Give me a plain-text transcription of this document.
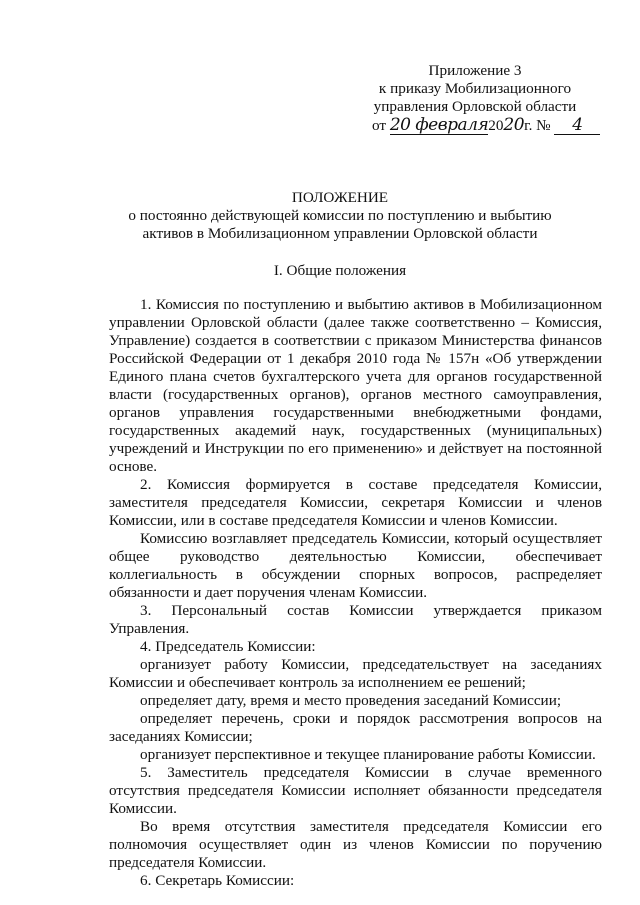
Приложение 3
к приказу Мобилизационного
управления Орловской области
от 20 февраля2020г. № 4
ПОЛОЖЕНИЕ
о постоянно действующей комиссии по поступлению и выбытию
активов в Мобилизационном управлении Орловской области
I. Общие положения

1. Комиссия по поступлению и выбытию активов в Мобилизационном управлении Орловской области (далее также соответственно – Комиссия, Управление) создается в соответствии с приказом Министерства финансов Российской Федерации от 1 декабря 2010 года № 157н «Об утверждении Единого плана счетов бухгалтерского учета для органов государственной власти (государственных органов), органов местного самоуправления, органов управления государственными внебюджетными фондами, государственных академий наук, государственных (муниципальных) учреждений и Инструкции по его применению» и действует на постоянной основе.

2. Комиссия формируется в составе председателя Комиссии, заместителя председателя Комиссии, секретаря Комиссии и членов Комиссии, или в составе председателя Комиссии и членов Комиссии.

Комиссию возглавляет председатель Комиссии, который осуществляет общее руководство деятельностью Комиссии, обеспечивает коллегиальность в обсуждении спорных вопросов, распределяет обязанности и дает поручения членам Комиссии.

3. Персональный состав Комиссии утверждается приказом Управления.

4. Председатель Комиссии:

организует работу Комиссии, председательствует на заседаниях Комиссии и обеспечивает контроль за исполнением ее решений;

определяет дату, время и место проведения заседаний Комиссии;

определяет перечень, сроки и порядок рассмотрения вопросов на заседаниях Комиссии;

организует перспективное и текущее планирование работы Комиссии.

5. Заместитель председателя Комиссии в случае временного отсутствия председателя Комиссии исполняет обязанности председателя Комиссии.

Во время отсутствия заместителя председателя Комиссии его полномочия осуществляет один из членов Комиссии по поручению председателя Комиссии.

6. Секретарь Комиссии:
